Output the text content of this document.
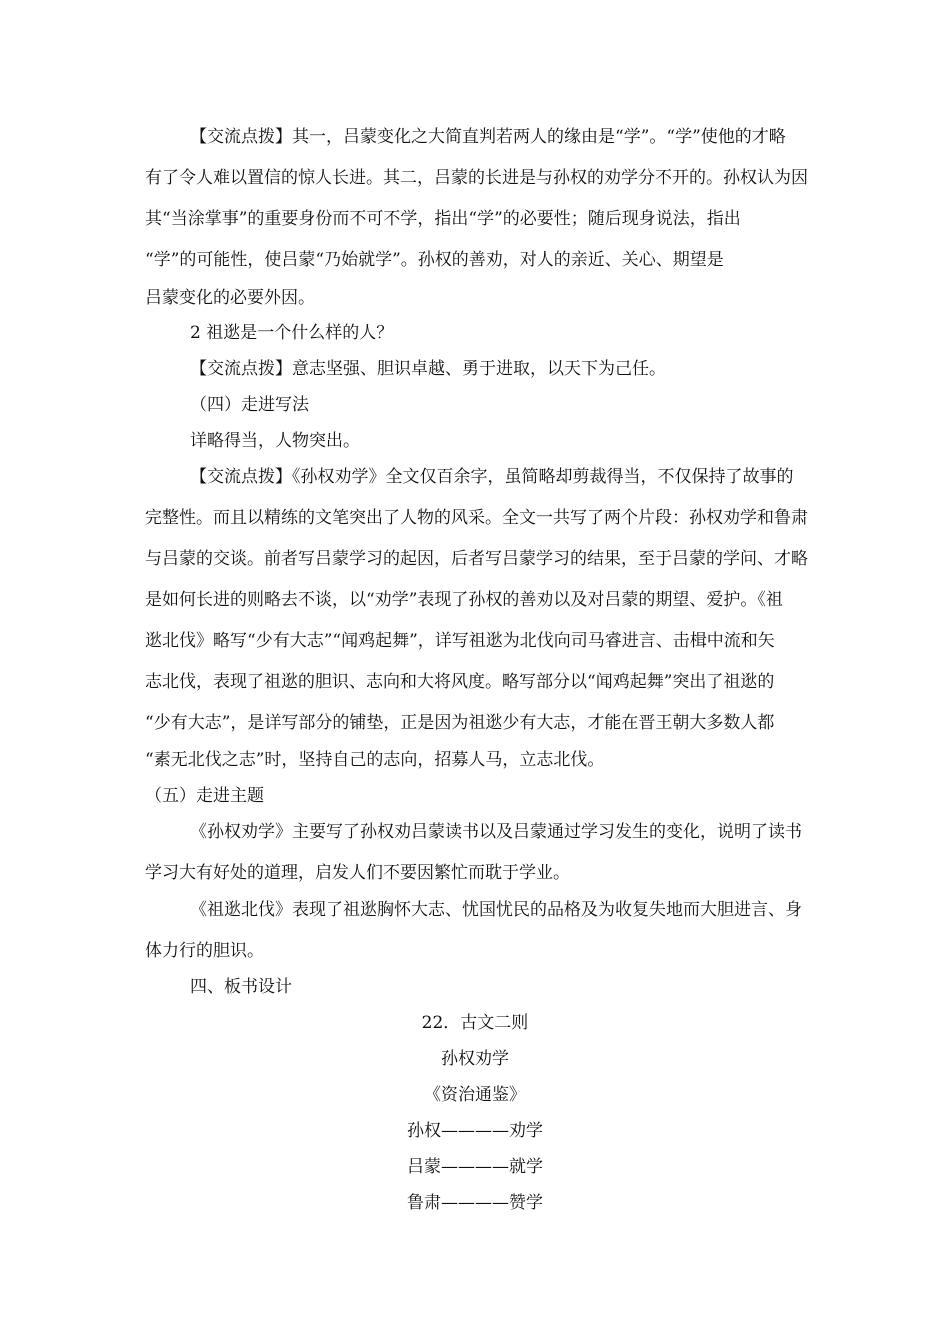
【交流点拨】其一，吕蒙变化之大简直判若两人的缘由是“学”。“学”使他的才略
有了令人难以置信的惊人长进。其二，吕蒙的长进是与孙权的劝学分不开的。孙权认为因
其“当涂掌事”的重要身份而不可不学，指出“学”的必要性；随后现身说法，指出
“学”的可能性，使吕蒙“乃始就学”。孙权的善劝，对人的亲近、关心、期望是
吕蒙变化的必要外因。
2 祖逖是一个什么样的人？
【交流点拨】意志坚强、胆识卓越、勇于进取，以天下为己任。
（四）走进写法
详略得当，人物突出。
【交流点拨】《孙权劝学》全文仅百余字，虽简略却剪裁得当，不仅保持了故事的
完整性。而且以精练的文笔突出了人物的风采。全文一共写了两个片段：孙权劝学和鲁肃
与吕蒙的交谈。前者写吕蒙学习的起因，后者写吕蒙学习的结果，至于吕蒙的学问、才略
是如何长进的则略去不谈，以“劝学”表现了孙权的善劝以及对吕蒙的期望、爱护。《祖
逖北伐》略写“少有大志”“闻鸡起舞”，详写祖逖为北伐向司马睿进言、击楫中流和矢
志北伐，表现了祖逖的胆识、志向和大将风度。略写部分以“闻鸡起舞”突出了祖逖的
“少有大志”，是详写部分的铺垫，正是因为祖逖少有大志，才能在晋王朝大多数人都
“素无北伐之志”时，坚持自己的志向，招募人马，立志北伐。
（五）走进主题
《孙权劝学》主要写了孙权劝吕蒙读书以及吕蒙通过学习发生的变化，说明了读书
学习大有好处的道理，启发人们不要因繁忙而耽于学业。
《祖逖北伐》表现了祖逖胸怀大志、忧国忧民的品格及为收复失地而大胆进言、身
体力行的胆识。
四、板书设计
22．古文二则
孙权劝学
《资治通鉴》
孙权————劝学
吕蒙————就学
鲁肃————赞学
